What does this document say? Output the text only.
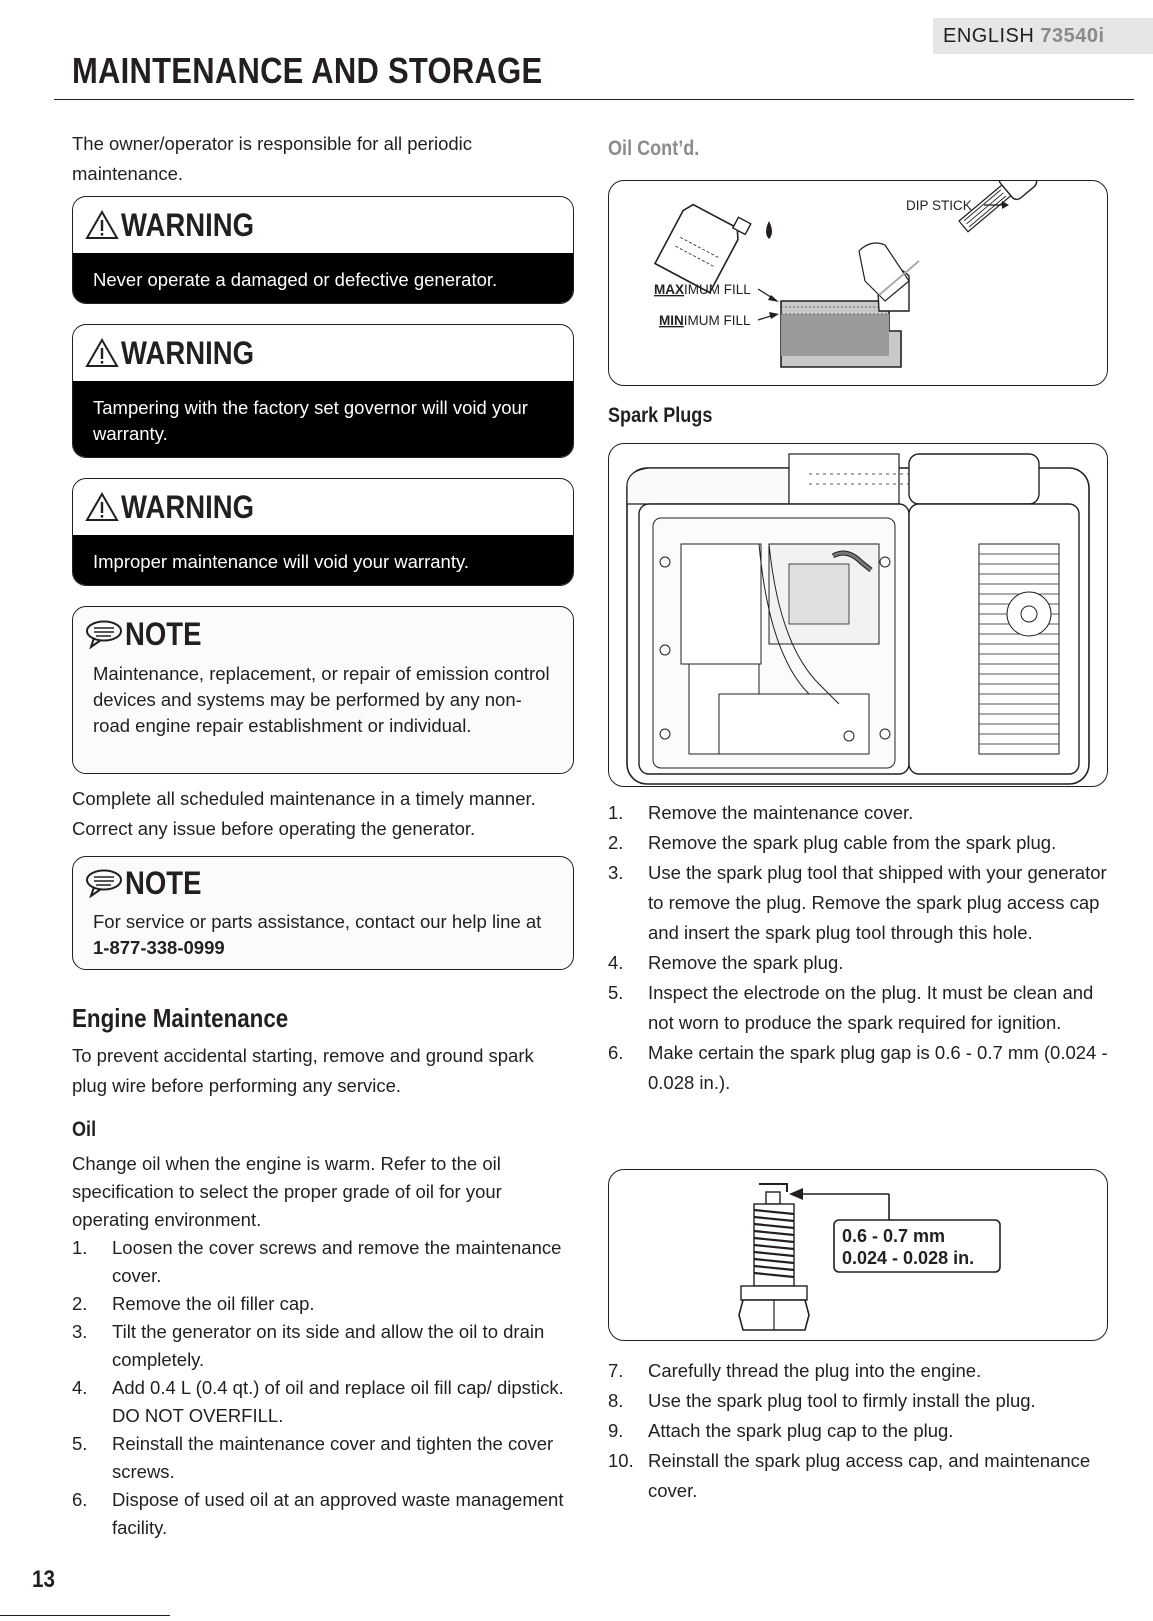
ENGLISH 73540i
MAINTENANCE AND STORAGE
The owner/operator is responsible for all periodic maintenance.
WARNING
Never operate a damaged or defective generator.
WARNING
Tampering with the factory set governor will void your warranty.
WARNING
Improper maintenance will void your warranty.
NOTE
Maintenance, replacement, or repair of emission control devices and systems may be performed by any non-road engine repair establishment or individual.
Complete all scheduled maintenance in a timely manner. Correct any issue before operating the generator.
NOTE
For service or parts assistance, contact our help line at 1-877-338-0999
Engine Maintenance
To prevent accidental starting, remove and ground spark plug wire before performing any service.
Oil
Change oil when the engine is warm. Refer to the oil specification to select the proper grade of oil for your operating environment.
1. Loosen the cover screws and remove the maintenance cover.
2. Remove the oil filler cap.
3. Tilt the generator on its side and allow the oil to drain completely.
4. Add 0.4 L (0.4 qt.) of oil and replace oil fill cap/ dipstick. DO NOT OVERFILL.
5. Reinstall the maintenance cover and tighten the cover screws.
6. Dispose of used oil at an approved waste management facility.
Oil Cont’d.
DIP STICK
MAXIMUM FILL
MINIMUM FILL
Spark Plugs
1. Remove the maintenance cover.
2. Remove the spark plug cable from the spark plug.
3. Use the spark plug tool that shipped with your generator to remove the plug. Remove the spark plug access cap and insert the spark plug tool through this hole.
4. Remove the spark plug.
5. Inspect the electrode on the plug. It must be clean and not worn to produce the spark required for ignition.
6. Make certain the spark plug gap is 0.6 - 0.7 mm (0.024 - 0.028 in.).
0.6 - 0.7 mm
0.024 - 0.028 in.
7. Carefully thread the plug into the engine.
8. Use the spark plug tool to firmly install the plug.
9. Attach the spark plug cap to the plug.
10. Reinstall the spark plug access cap, and maintenance cover.
13
